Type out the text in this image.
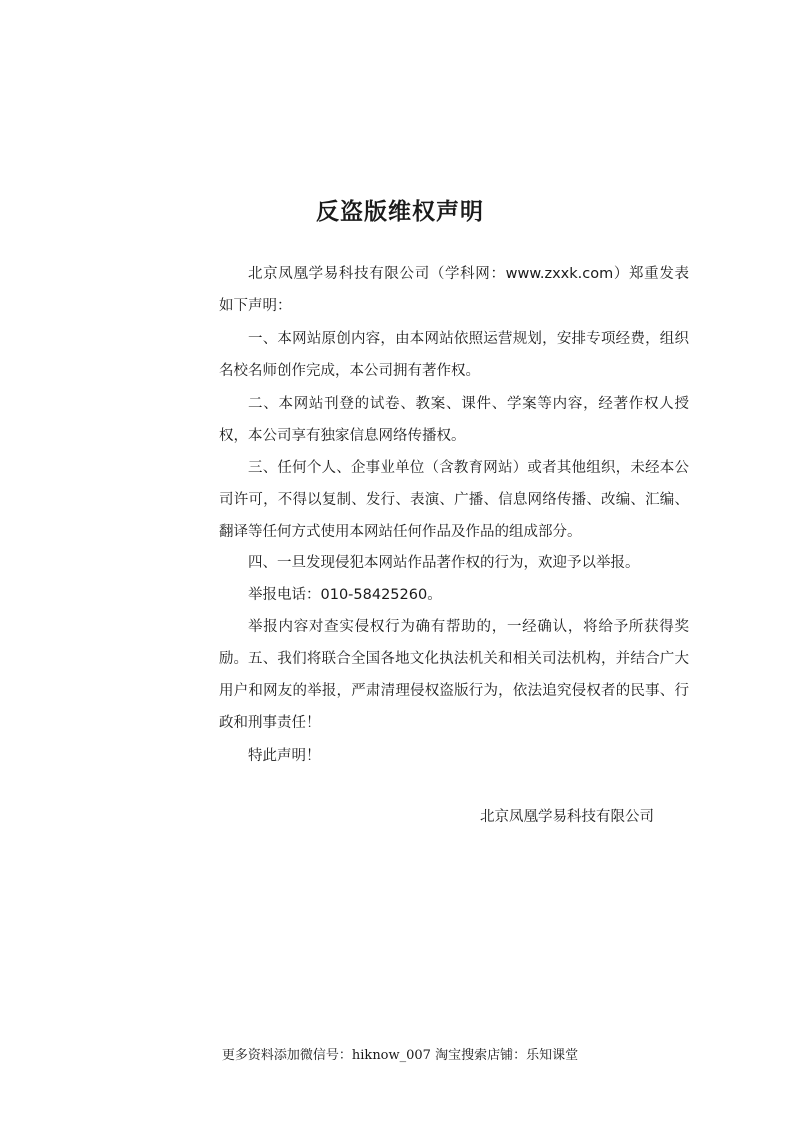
反盗版维权声明

北京凤凰学易科技有限公司（学科网：www.zxxk.com）郑重发表如下声明：

一、本网站原创内容，由本网站依照运营规划，安排专项经费，组织名校名师创作完成，本公司拥有著作权。

二、本网站刊登的试卷、教案、课件、学案等内容，经著作权人授权，本公司享有独家信息网络传播权。

三、任何个人、企事业单位（含教育网站）或者其他组织，未经本公司许可，不得以复制、发行、表演、广播、信息网络传播、改编、汇编、翻译等任何方式使用本网站任何作品及作品的组成部分。

四、一旦发现侵犯本网站作品著作权的行为，欢迎予以举报。

举报电话：010-58425260。

举报内容对查实侵权行为确有帮助的，一经确认，将给予所获得奖励。 五、我们将联合全国各地文化执法机关和相关司法机构，并结合广大用户和网友的举报，严肃清理侵权盗版行为，依法追究侵权者的民事、行政和刑事责任！

特此声明！

北京凤凰学易科技有限公司

更多资料添加微信号：hiknow_007 淘宝搜索店铺：乐知课堂
